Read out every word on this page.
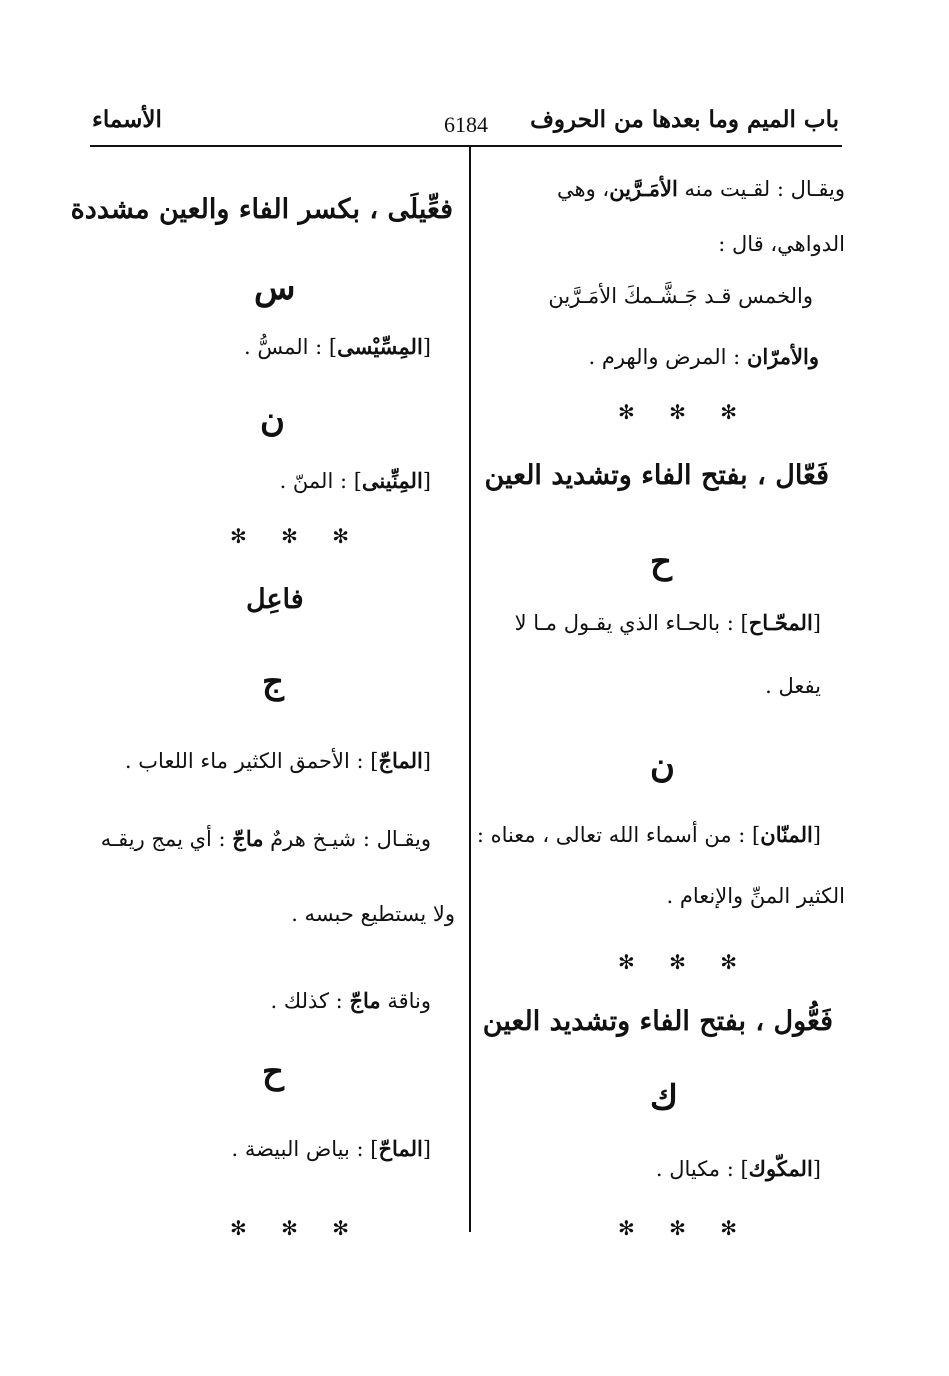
باب الميم وما بعدها من الحروف
6184
الأسماء
ويقـال : لقـيت منه الأمَـرَّين، وهي
الدواهي، قال :
والخمس قـد جَـشَّـمكَ الأمَـرَّين
والأمرّان : المرض والهرم .
✻ ✻ ✻
فَعّال ، بفتح الفاء وتشديد العين
ح
[المحّـاح] : بالحـاء الذي يقـول مـا لا
يفعل .
ن
[المنّان] : من أسماء الله تعالى ، معناه :
الكثير المنِّ والإنعام .
✻ ✻ ✻
فَعُّول ، بفتح الفاء وتشديد العين
ك
[المكّوك] : مكيال .
✻ ✻ ✻
فعِّيلَى ، بكسر الفاء والعين مشددة
س
[المِسِّيْسى] : المسُّ .
ن
[المِنِّينى] : المنّ .
✻ ✻ ✻
فاعِل
ج
[الماجّ] : الأحمق الكثير ماء اللعاب .
ويقـال : شيـخ هرمٌ ماجّ : أي يمج ريقـه
ولا يستطيع حبسه .
وناقة ماجّ : كذلك .
ح
[الماحّ] : بياض البيضة .
✻ ✻ ✻
